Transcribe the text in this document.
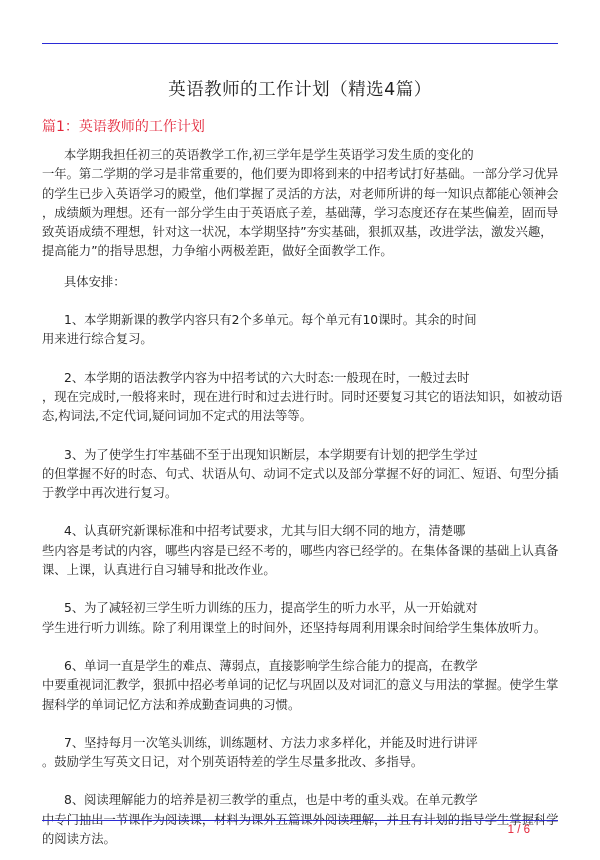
英语教师的工作计划（精选4篇）
篇1：英语教师的工作计划

本学期我担任初三的英语教学工作,初三学年是学生英语学习发生质的变化的
一年。第二学期的学习是非常重要的，他们要为即将到来的中招考试打好基础。一部分学习优异
的学生已步入英语学习的殿堂，他们掌握了灵活的方法，对老师所讲的每一知识点都能心领神会
，成绩颇为理想。还有一部分学生由于英语底子差，基础薄，学习态度还存在某些偏差，固而导
致英语成绩不理想，针对这一状况，本学期坚持”夯实基础，狠抓双基，改进学法，激发兴趣，
提高能力”的指导思想，力争缩小两极差距，做好全面教学工作。

具体安排：

1、本学期新课的教学内容只有2个多单元。每个单元有10课时。其余的时间
用来进行综合复习。

2、本学期的语法教学内容为中招考试的六大时态:一般现在时，一般过去时
，现在完成时,一般将来时，现在进行时和过去进行时。同时还要复习其它的语法知识，如被动语
态,构词法,不定代词,疑问词加不定式的用法等等。

3、为了使学生打牢基础不至于出现知识断层，本学期要有计划的把学生学过
的但掌握不好的时态、句式、状语从句、动词不定式以及部分掌握不好的词汇、短语、句型分插
于教学中再次进行复习。

4、认真研究新课标准和中招考试要求，尤其与旧大纲不同的地方，清楚哪
些内容是考试的内容，哪些内容是已经不考的，哪些内容已经学的。在集体备课的基础上认真备
课、上课，认真进行自习辅导和批改作业。

5、为了减轻初三学生听力训练的压力，提高学生的听力水平，从一开始就对
学生进行听力训练。除了利用课堂上的时间外，还坚持每周利用课余时间给学生集体放听力。

6、单词一直是学生的难点、薄弱点，直接影响学生综合能力的提高，在教学
中要重视词汇教学，狠抓中招必考单词的记忆与巩固以及对词汇的意义与用法的掌握。使学生掌
握科学的单词记忆方法和养成勤查词典的习惯。

7、坚持每月一次笔头训练，训练题材、方法力求多样化，并能及时进行讲评
。鼓励学生写英文日记，对个别英语特差的学生尽量多批改、多指导。

8、阅读理解能力的培养是初三教学的重点，也是中考的重头戏。在单元教学
中专门抽出一节课作为阅读课，材料为课外五篇课外阅读理解，并且有计划的指导学生掌握科学
的阅读方法。

1 / 6
